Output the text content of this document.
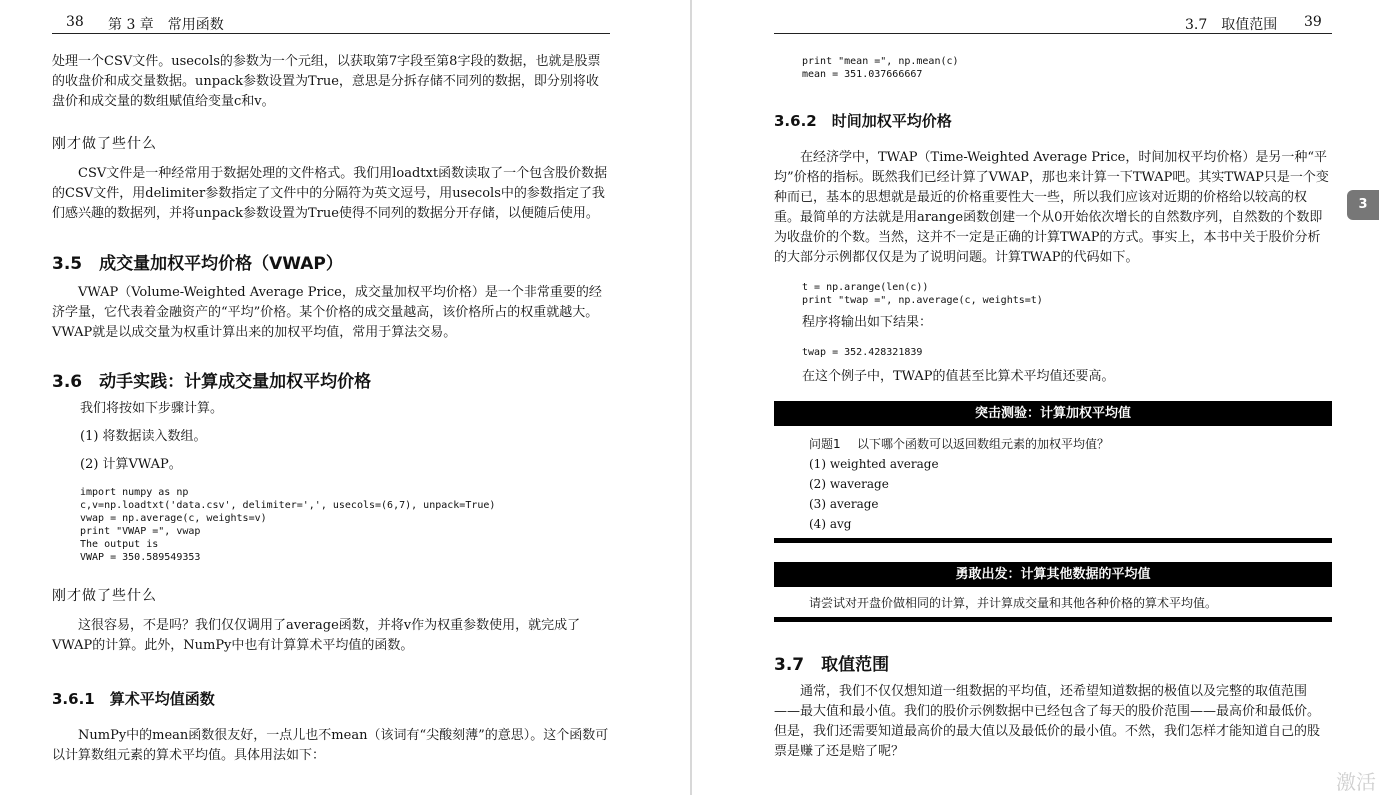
38 第 3 章　常用函数

处理一个CSV文件。usecols的参数为一个元组，以获取第7字段至第8字段的数据，也就是股票的收盘价和成交量数据。unpack参数设置为True，意思是分拆存储不同列的数据，即分别将收盘价和成交量的数组赋值给变量c和v。

刚才做了些什么

CSV文件是一种经常用于数据处理的文件格式。我们用loadtxt函数读取了一个包含股价数据的CSV文件，用delimiter参数指定了文件中的分隔符为英文逗号，用usecols中的参数指定了我们感兴趣的数据列，并将unpack参数设置为True使得不同列的数据分开存储，以便随后使用。

3.5　成交量加权平均价格（VWAP）

VWAP（Volume-Weighted Average Price，成交量加权平均价格）是一个非常重要的经济学量，它代表着金融资产的“平均”价格。某个价格的成交量越高，该价格所占的权重就越大。VWAP就是以成交量为权重计算出来的加权平均值，常用于算法交易。

3.6　动手实践：计算成交量加权平均价格

我们将按如下步骤计算。

(1) 将数据读入数组。

(2) 计算VWAP。

import numpy as np
c,v=np.loadtxt('data.csv', delimiter=',', usecols=(6,7), unpack=True)
vwap = np.average(c, weights=v)
print "VWAP =", vwap
The output is
VWAP = 350.589549353

刚才做了些什么

这很容易，不是吗？我们仅仅调用了average函数，并将v作为权重参数使用，就完成了VWAP的计算。此外，NumPy中也有计算算术平均值的函数。

3.6.1　算术平均值函数

NumPy中的mean函数很友好，一点儿也不mean（该词有“尖酸刻薄”的意思）。这个函数可以计算数组元素的算术平均值。具体用法如下：

3.7　取值范围 39
print "mean =", np.mean(c)
mean = 351.037666667

3.6.2　时间加权平均价格

在经济学中，TWAP（Time-Weighted Average Price，时间加权平均价格）是另一种“平均”价格的指标。既然我们已经计算了VWAP，那也来计算一下TWAP吧。其实TWAP只是一个变种而已，基本的思想就是最近的价格重要性大一些，所以我们应该对近期的价格给以较高的权重。最简单的方法就是用arange函数创建一个从0开始依次增长的自然数序列，自然数的个数即为收盘价的个数。当然，这并不一定是正确的计算TWAP的方式。事实上，本书中关于股价分析的大部分示例都仅仅是为了说明问题。计算TWAP的代码如下。

t = np.arange(len(c))
print "twap =", np.average(c, weights=t)

程序将输出如下结果：

twap = 352.428321839

在这个例子中，TWAP的值甚至比算术平均值还要高。

突击测验：计算加权平均值

问题1 以下哪个函数可以返回数组元素的加权平均值？

(1) weighted average

(2) waverage

(3) average

(4) avg

勇敢出发：计算其他数据的平均值

请尝试对开盘价做相同的计算，并计算成交量和其他各种价格的算术平均值。

3.7　取值范围

通常，我们不仅仅想知道一组数据的平均值，还希望知道数据的极值以及完整的取值范围——最大值和最小值。我们的股价示例数据中已经包含了每天的股价范围——最高价和最低价。但是，我们还需要知道最高价的最大值以及最低价的最小值。不然，我们怎样才能知道自己的股票是赚了还是赔了呢？

3
激活
